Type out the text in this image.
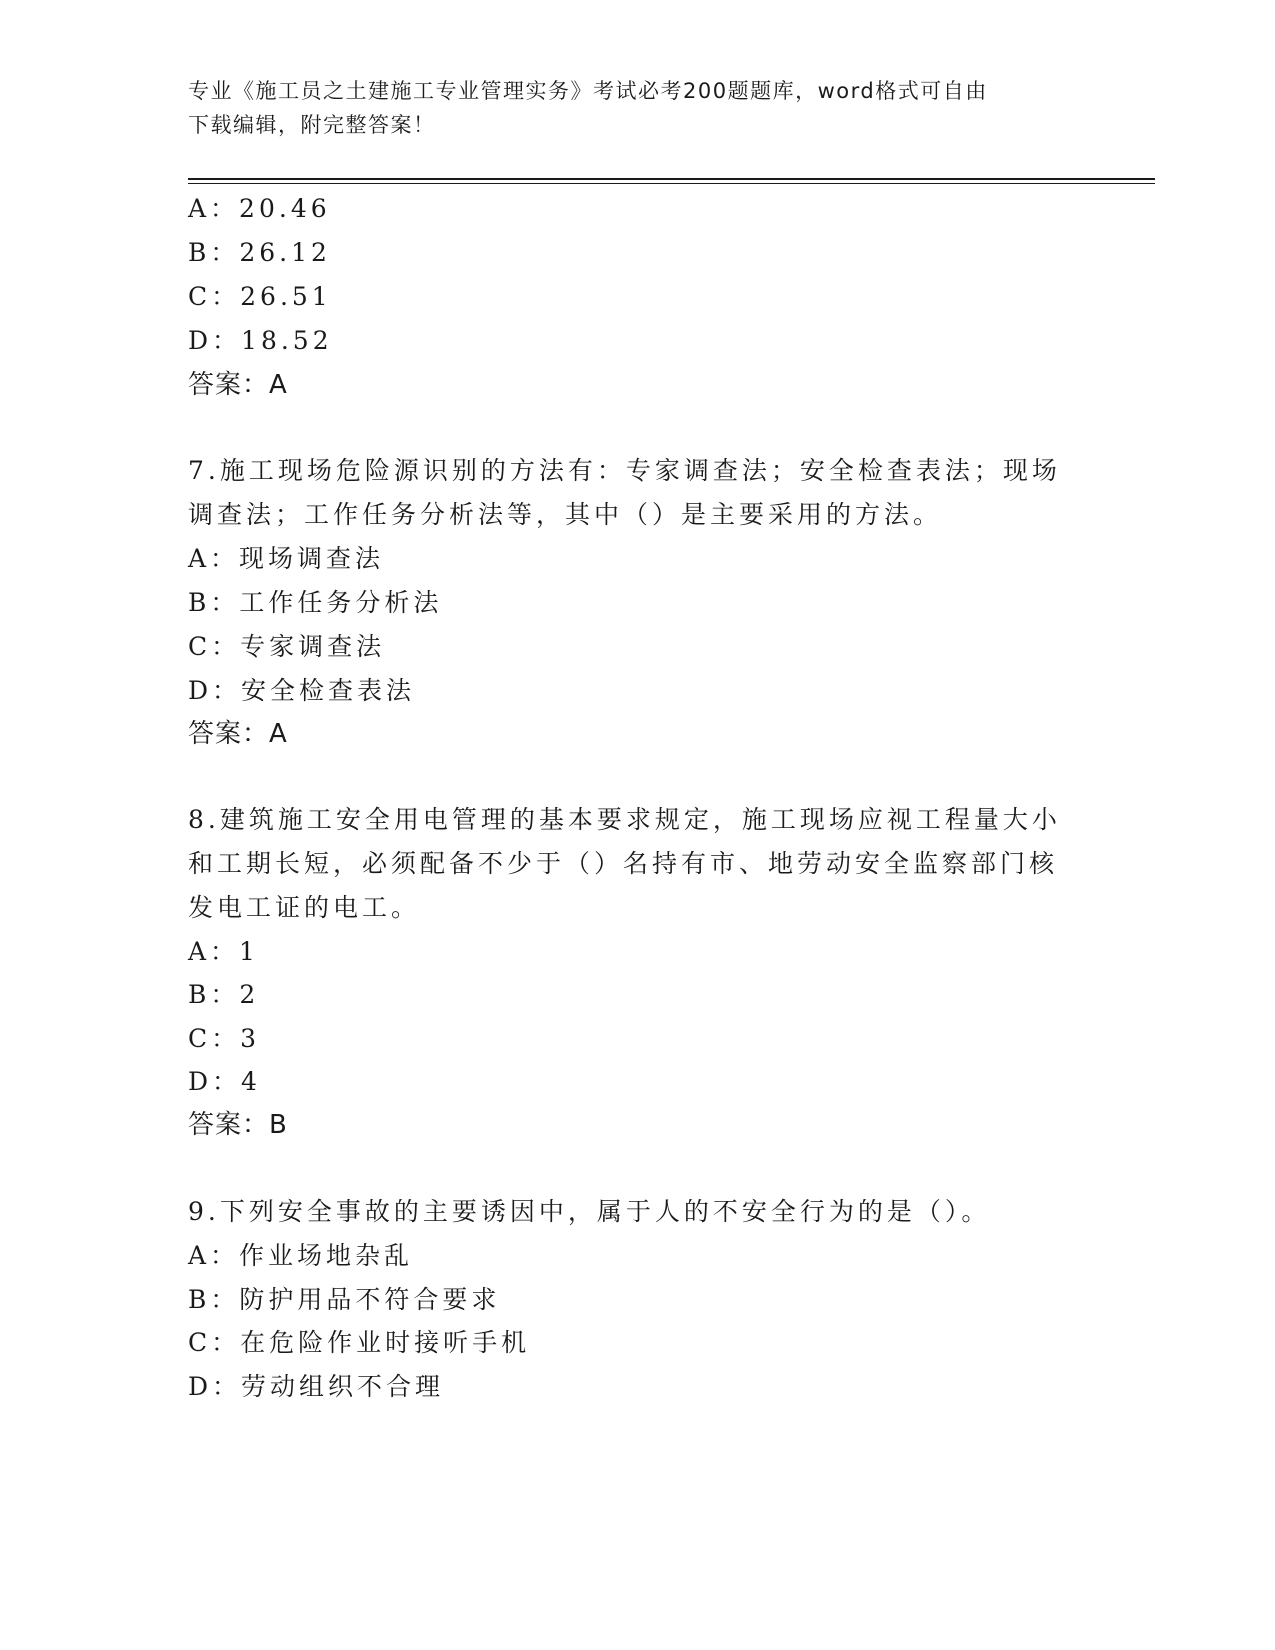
专业《施工员之土建施工专业管理实务》考试必考200题题库，word格式可自由
下载编辑，附完整答案！
A：20.46
B：26.12
C：26.51
D：18.52
答案：A
7.施工现场危险源识别的方法有：专家调查法；安全检查表法；现场
调查法；工作任务分析法等，其中（）是主要采用的方法。
A：现场调查法
B：工作任务分析法
C：专家调查法
D：安全检查表法
答案：A
8.建筑施工安全用电管理的基本要求规定，施工现场应视工程量大小
和工期长短，必须配备不少于（）名持有市、地劳动安全监察部门核
发电工证的电工。
A：1
B：2
C：3
D：4
答案：B
9.下列安全事故的主要诱因中，属于人的不安全行为的是（）。
A：作业场地杂乱
B：防护用品不符合要求
C：在危险作业时接听手机
D：劳动组织不合理
